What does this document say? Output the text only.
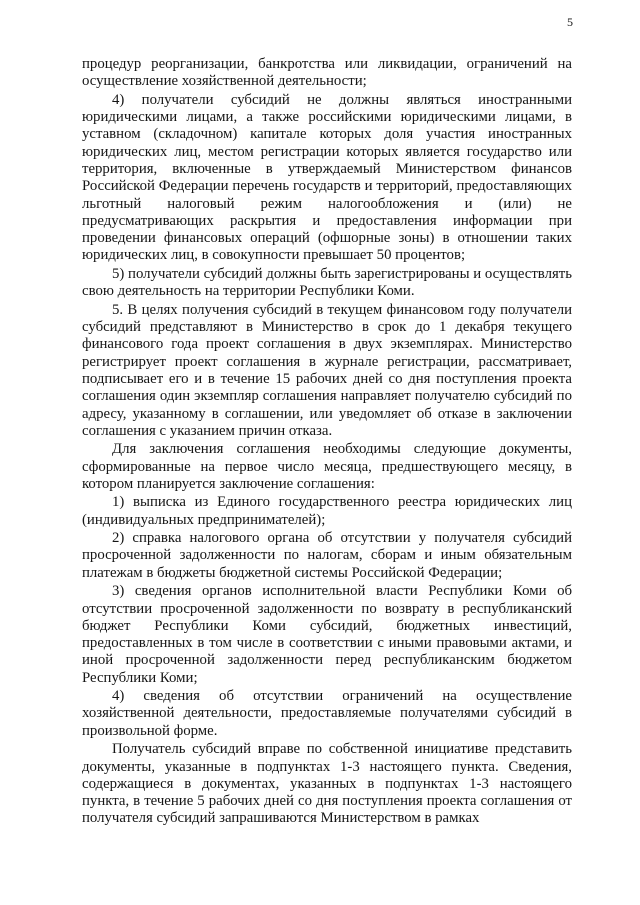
5

процедур реорганизации, банкротства или ликвидации, ограничений на осуществление хозяйственной деятельности;

4) получатели субсидий не должны являться иностранными юридическими лицами, а также российскими юридическими лицами, в уставном (складочном) капитале которых доля участия иностранных юридических лиц, местом регистрации которых является государство или территория, включенные в утверждаемый Министерством финансов Российской Федерации перечень государств и территорий, предоставляющих льготный налоговый режим налогообложения и (или) не предусматривающих раскрытия и предоставления информации при проведении финансовых операций (офшорные зоны) в отношении таких юридических лиц, в совокупности превышает 50 процентов;

5) получатели субсидий должны быть зарегистрированы и осуществлять свою деятельность на территории Республики Коми.

5. В целях получения субсидий в текущем финансовом году получатели субсидий представляют в Министерство в срок до 1 декабря текущего финансового года проект соглашения в двух экземплярах. Министерство регистрирует проект соглашения в журнале регистрации, рассматривает, подписывает его и в течение 15 рабочих дней со дня поступления проекта соглашения один экземпляр соглашения направляет получателю субсидий по адресу, указанному в соглашении, или уведомляет об отказе в заключении соглашения с указанием причин отказа.

Для заключения соглашения необходимы следующие документы, сформированные на первое число месяца, предшествующего месяцу, в котором планируется заключение соглашения:

1) выписка из Единого государственного реестра юридических лиц (индивидуальных предпринимателей);

2) справка налогового органа об отсутствии у получателя субсидий просроченной задолженности по налогам, сборам и иным обязательным платежам в бюджеты бюджетной системы Российской Федерации;

3) сведения органов исполнительной власти Республики Коми об отсутствии просроченной задолженности по возврату в республиканский бюджет Республики Коми субсидий, бюджетных инвестиций, предоставленных в том числе в соответствии с иными правовыми актами, и иной просроченной задолженности перед республиканским бюджетом Республики Коми;

4) сведения об отсутствии ограничений на осуществление хозяйственной деятельности, предоставляемые получателями субсидий в произвольной форме.

Получатель субсидий вправе по собственной инициативе представить документы, указанные в подпунктах 1-3 настоящего пункта. Сведения, содержащиеся в документах, указанных в подпунктах 1-3 настоящего пункта, в течение 5 рабочих дней со дня поступления проекта соглашения от получателя субсидий запрашиваются Министерством в рамках
